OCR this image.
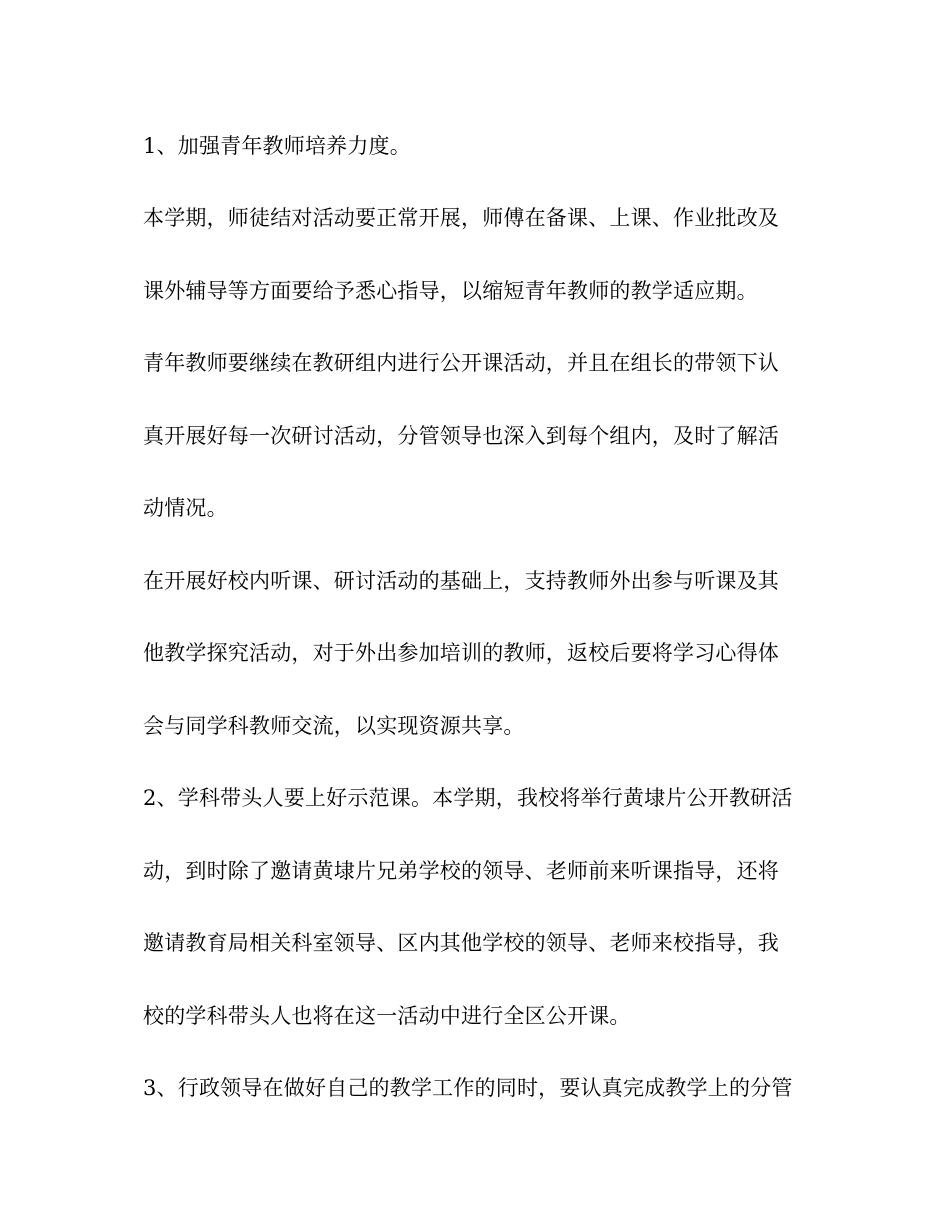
1、加强青年教师培养力度。
本学期，师徒结对活动要正常开展，师傅在备课、上课、作业批改及
课外辅导等方面要给予悉心指导，以缩短青年教师的教学适应期。
青年教师要继续在教研组内进行公开课活动，并且在组长的带领下认
真开展好每一次研讨活动，分管领导也深入到每个组内，及时了解活
动情况。
在开展好校内听课、研讨活动的基础上，支持教师外出参与听课及其
他教学探究活动，对于外出参加培训的教师，返校后要将学习心得体
会与同学科教师交流，以实现资源共享。
2、学科带头人要上好示范课。本学期，我校将举行黄埭片公开教研活
动，到时除了邀请黄埭片兄弟学校的领导、老师前来听课指导，还将
邀请教育局相关科室领导、区内其他学校的领导、老师来校指导，我
校的学科带头人也将在这一活动中进行全区公开课。
3、行政领导在做好自己的教学工作的同时，要认真完成教学上的分管
